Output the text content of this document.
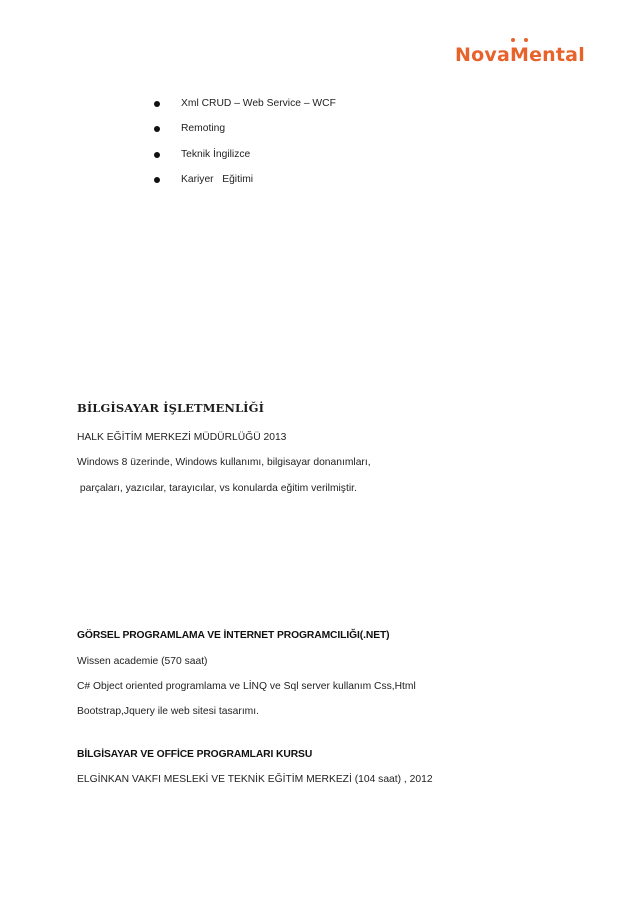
Nova M ental
Xml CRUD – Web Service – WCF
Remoting
Teknik İngilizce
Kariyer   Eğitimi
BİLGİSAYAR İŞLETMENLİĞİ
HALK EĞİTİM MERKEZİ MÜDÜRLÜĞÜ 2013
Windows 8 üzerinde, Windows kullanımı, bilgisayar donanımları,
parçaları, yazıcılar, tarayıcılar, vs konularda eğitim verilmiştir.
GÖRSEL PROGRAMLAMA VE İNTERNET PROGRAMCILIĞI(.NET)
Wissen academie (570 saat)
C# Object oriented programlama ve LİNQ ve Sql server kullanım Css,Html
Bootstrap,Jquery ile web sitesi tasarımı.
BİLGİSAYAR VE OFFİCE PROGRAMLARI KURSU
ELGİNKAN VAKFI MESLEKİ VE TEKNİK EĞİTİM MERKEZİ (104 saat) , 2012
